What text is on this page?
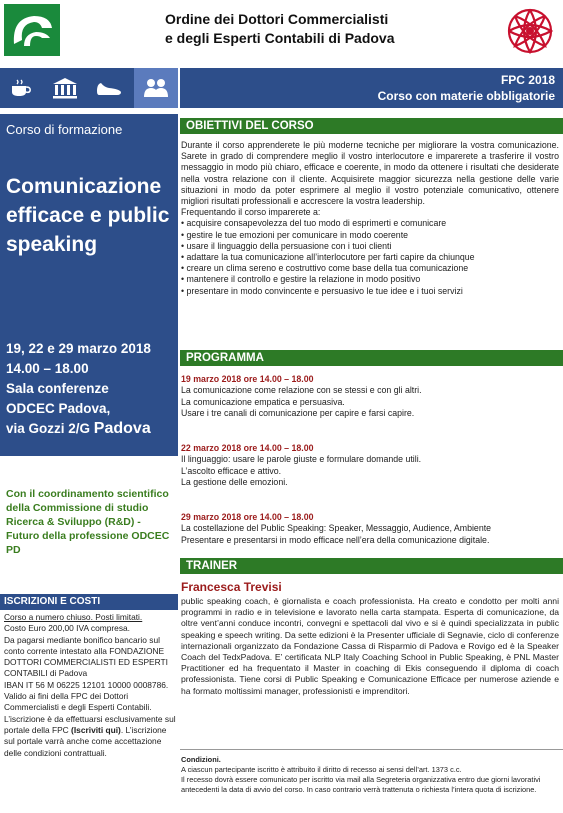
Ordine dei Dottori Commercialisti
e degli Esperti Contabili di Padova
FPC 2018
Corso con materie obbligatorie
Corso di formazione
Comunicazione efficace e public speaking
19, 22 e 29 marzo 2018
14.00 – 18.00
Sala conferenze
ODCEC Padova,
via Gozzi 2/G Padova
Con il coordinamento scientifico della Commissione di studio Ricerca & Sviluppo (R&D) - Futuro della professione ODCEC PD
ISCRIZIONI E COSTI

Corso a numero chiuso. Posti limitati.

Costo Euro 200,00 IVA compresa.

Da pagarsi mediante bonifico bancario sul conto corrente intestato alla FONDAZIONE DOTTORI COMMERCIALISTI ED ESPERTI CONTABILI di Padova

IBAN IT 56 M 06225 12101 10000 0008786.

Valido ai fini della FPC dei Dottori Commercialisti e degli Esperti Contabili.

L’iscrizione è da effettuarsi esclusivamente sul portale della FPC (Iscriviti qui). L’iscrizione sul portale varrà anche come accettazione delle condizioni contrattuali.

OBIETTIVI DEL CORSO
Durante il corso apprenderete le più moderne tecniche per migliorare la vostra comunicazione. Sarete in grado di comprendere meglio il vostro interlocutore e imparerete a trasferire il vostro messaggio in modo più chiaro, efficace e coerente, in modo da ottenere i risultati che desiderate nella vostra relazione con il cliente. Acquisirete maggior sicurezza nella gestione delle varie situazioni in modo da poter esprimere al meglio il vostro potenziale comunicativo, ottenere migliori risultati professionali e accrescere la vostra leadership.
Frequentando il corso imparerete a:
• acquisire consapevolezza del tuo modo di esprimerti e comunicare
• gestire le tue emozioni per comunicare in modo coerente
• usare il linguaggio della persuasione con i tuoi clienti
• adattare la tua comunicazione all’interlocutore per farti capire da chiunque
• creare un clima sereno e costruttivo come base della tua comunicazione
• mantenere il controllo e gestire la relazione in modo positivo
• presentare in modo convincente e persuasivo le tue idee e i tuoi servizi
PROGRAMMA
19 marzo 2018 ore 14.00 – 18.00
La comunicazione come relazione con se stessi e con gli altri.
La comunicazione empatica e persuasiva.
Usare i tre canali di comunicazione per capire e farsi capire.
22 marzo 2018 ore 14.00 – 18.00
Il linguaggio: usare le parole giuste e formulare domande utili.
L’ascolto efficace e attivo.
La gestione delle emozioni.
29 marzo 2018 ore 14.00 – 18.00
La costellazione del Public Speaking: Speaker, Messaggio, Audience, Ambiente
Presentare e presentarsi in modo efficace nell’era della comunicazione digitale.
TRAINER
Francesca Trevisi
public speaking coach, è giornalista e coach professionista. Ha creato e condotto per molti anni programmi in radio e in televisione e lavorato nella carta stampata. Esperta di comunicazione, da oltre vent’anni conduce incontri, convegni e spettacoli dal vivo e si è quindi specializzata in public speaking e speech writing. Da sette edizioni è la Presenter ufficiale di Segnavie, ciclo di conferenze internazionali organizzato da Fondazione Cassa di Risparmio di Padova e Rovigo ed è la Speaker Coach del TedxPadova. E’ certificata NLP Italy Coaching School in Public Speaking, è PNL Master Practitioner ed ha frequentato il Master in coaching di Ekis conseguendo il diploma di coach professionista. Tiene corsi di Public Speaking e Comunicazione Efficace per numerose aziende e ha formato moltissimi manager, professionisti e imprenditori.
Condizioni.
A ciascun partecipante iscritto è attribuito il diritto di recesso ai sensi dell’art. 1373 c.c.
Il recesso dovrà essere comunicato per iscritto via mail alla Segreteria organizzativa entro due giorni lavorativi antecedenti la data di avvio del corso. In caso contrario verrà trattenuta o richiesta l’intera quota di iscrizione.
